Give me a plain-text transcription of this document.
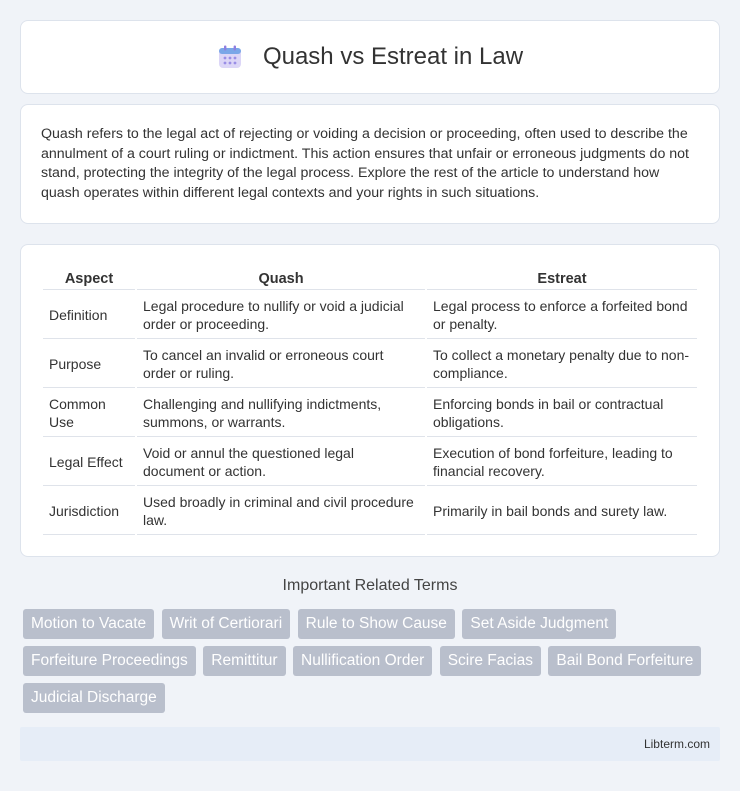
Quash vs Estreat in Law

Quash refers to the legal act of rejecting or voiding a decision or proceeding, often used to describe the annulment of a court ruling or indictment. This action ensures that unfair or erroneous judgments do not stand, protecting the integrity of the legal process. Explore the rest of the article to understand how quash operates within different legal contexts and your rights in such situations.

Aspect	Quash	Estreat
Definition	Legal procedure to nullify or void a judicial order or proceeding.	Legal process to enforce a forfeited bond or penalty.
Purpose	To cancel an invalid or erroneous court order or ruling.	To collect a monetary penalty due to non-compliance.
Common Use	Challenging and nullifying indictments, summons, or warrants.	Enforcing bonds in bail or contractual obligations.
Legal Effect	Void or annul the questioned legal document or action.	Execution of bond forfeiture, leading to financial recovery.
Jurisdiction	Used broadly in criminal and civil procedure law.	Primarily in bail bonds and surety law.
Important Related Terms
Motion to Vacate Writ of Certiorari Rule to Show Cause Set Aside Judgment Forfeiture Proceedings Remittitur Nullification Order Scire Facias Bail Bond Forfeiture Judicial Discharge
Libterm.com
